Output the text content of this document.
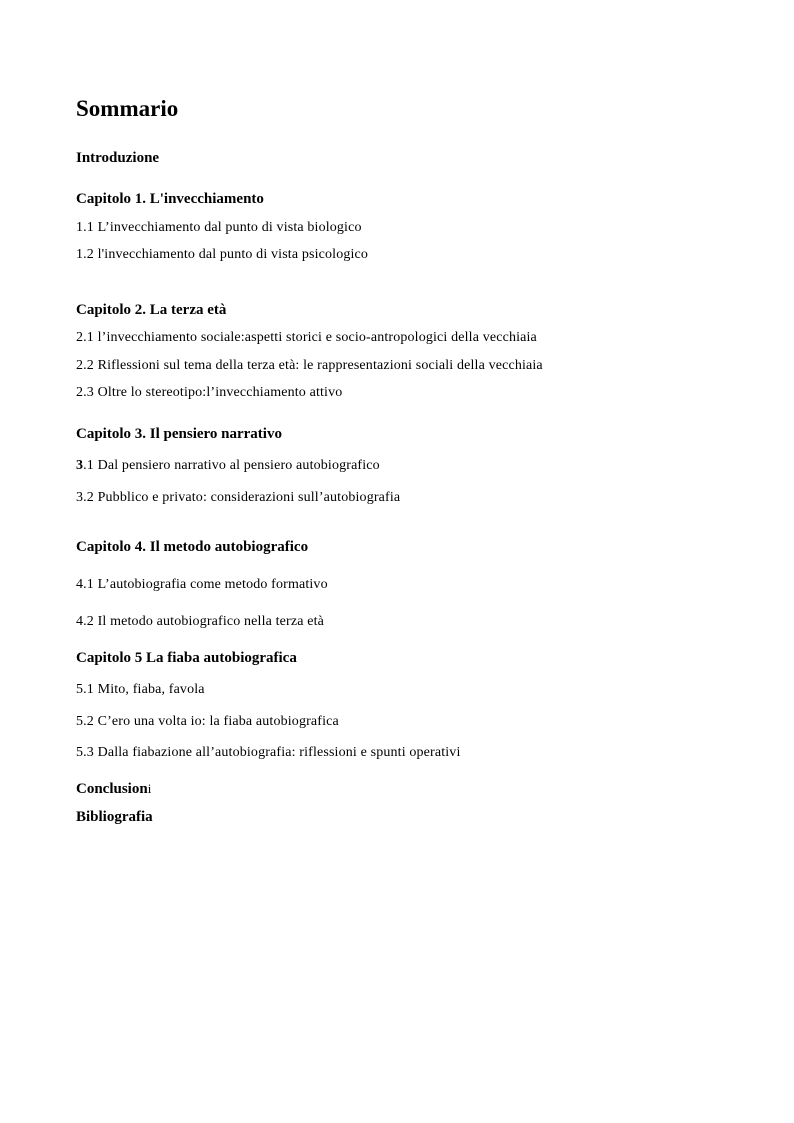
Sommario
Introduzione
Capitolo 1. L'invecchiamento
1.1 L’invecchiamento dal punto di vista biologico
1.2 l'invecchiamento dal punto di vista psicologico
Capitolo 2. La terza età
2.1 l’invecchiamento sociale:aspetti storici e socio-antropologici della vecchiaia
2.2 Riflessioni sul tema della terza età: le rappresentazioni sociali della vecchiaia
2.3 Oltre lo stereotipo:l’invecchiamento attivo
Capitolo 3. Il pensiero narrativo
3.1 Dal pensiero narrativo al pensiero autobiografico
3.2 Pubblico e privato: considerazioni sull’autobiografia
Capitolo 4. Il metodo autobiografico
4.1 L’autobiografia come metodo formativo
4.2 Il metodo autobiografico nella terza età
Capitolo 5 La fiaba autobiografica
5.1 Mito, fiaba, favola
5.2 C’ero una volta io: la fiaba autobiografica
5.3 Dalla fiabazione all’autobiografia: riflessioni e spunti operativi
Conclusioni
Bibliografia
